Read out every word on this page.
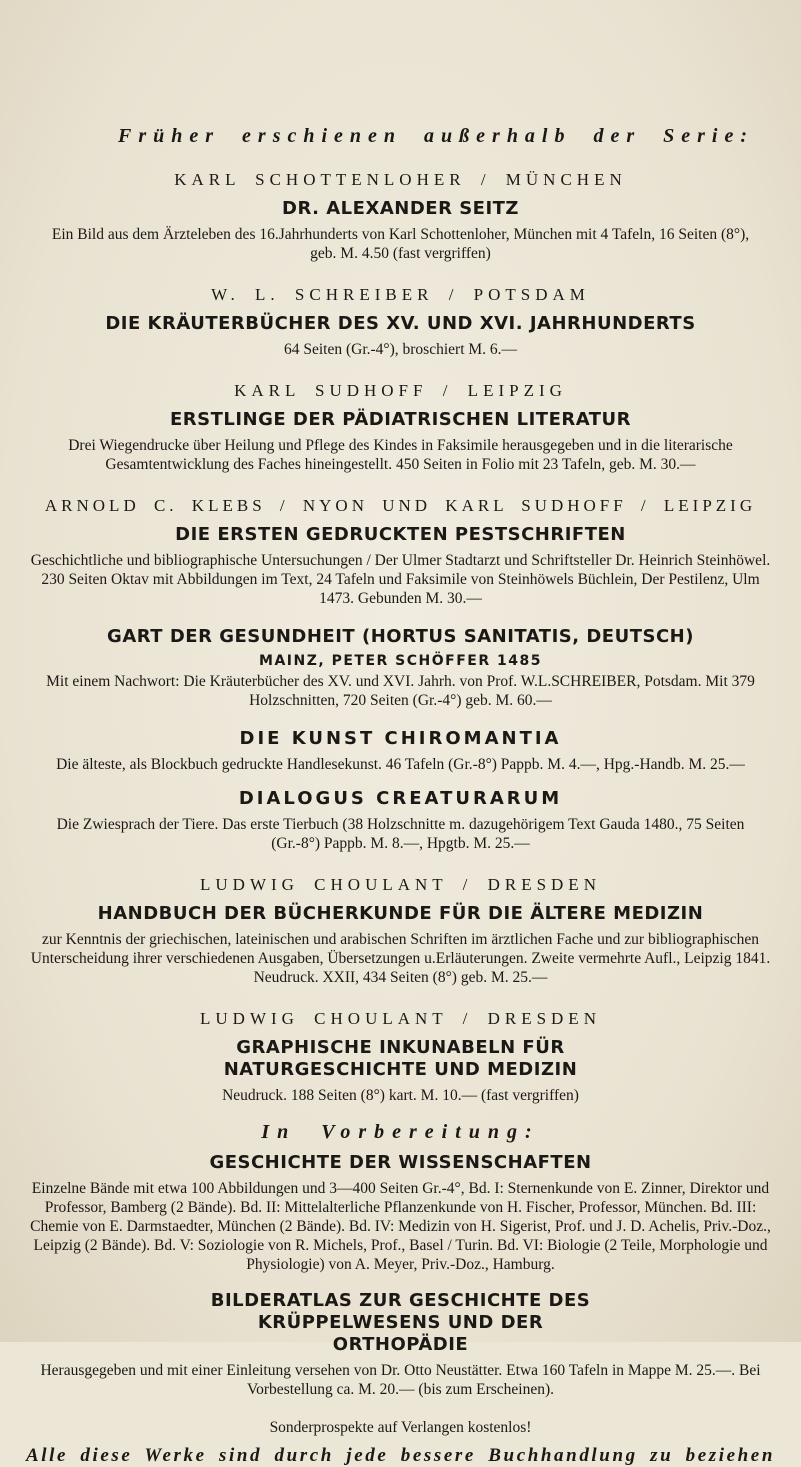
Früher erschienen außerhalb der Serie:

KARL SCHOTTENLOHER / MÜNCHEN
DR. ALEXANDER SEITZ
Ein Bild aus dem Ärzteleben des 16.Jahrhunderts von Karl Schottenloher, München mit 4 Tafeln, 16 Seiten (8°), geb. M. 4.50 (fast vergriffen)
W. L. SCHREIBER / POTSDAM
DIE KRÄUTERBÜCHER DES XV. UND XVI. JAHRHUNDERTS
64 Seiten (Gr.-4°), broschiert M. 6.—
KARL SUDHOFF / LEIPZIG
ERSTLINGE DER PÄDIATRISCHEN LITERATUR
Drei Wiegendrucke über Heilung und Pflege des Kindes in Faksimile herausgegeben und in die literarische Gesamtentwicklung des Faches hineingestellt. 450 Seiten in Folio mit 23 Tafeln, geb. M. 30.—
ARNOLD C. KLEBS / NYON UND KARL SUDHOFF / LEIPZIG
DIE ERSTEN GEDRUCKTEN PESTSCHRIFTEN
Geschichtliche und bibliographische Untersuchungen / Der Ulmer Stadtarzt und Schriftsteller Dr. Heinrich Steinhöwel. 230 Seiten Oktav mit Abbildungen im Text, 24 Tafeln und Faksimile von Steinhöwels Büchlein, Der Pestilenz, Ulm 1473. Gebunden M. 30.—
GART DER GESUNDHEIT (HORTUS SANITATIS, DEUTSCH)
MAINZ, PETER SCHÖFFER 1485
Mit einem Nachwort: Die Kräuterbücher des XV. und XVI. Jahrh. von Prof. W.L.SCHREIBER, Potsdam. Mit 379 Holzschnitten, 720 Seiten (Gr.-4°) geb. M. 60.—
DIE KUNST CHIROMANTIA
Die älteste, als Blockbuch gedruckte Handlesekunst. 46 Tafeln (Gr.-8°) Pappb. M. 4.—, Hpg.-Handb. M. 25.—
DIALOGUS CREATURARUM
Die Zwiesprach der Tiere. Das erste Tierbuch (38 Holzschnitte m. dazugehörigem Text Gauda 1480., 75 Seiten (Gr.-8°) Pappb. M. 8.—, Hpgtb. M. 25.—
LUDWIG CHOULANT / DRESDEN
HANDBUCH DER BÜCHERKUNDE FÜR DIE ÄLTERE MEDIZIN
zur Kenntnis der griechischen, lateinischen und arabischen Schriften im ärztlichen Fache und zur bibliographischen Unterscheidung ihrer verschiedenen Ausgaben, Übersetzungen u.Erläuterungen. Zweite vermehrte Aufl., Leipzig 1841. Neudruck. XXII, 434 Seiten (8°) geb. M. 25.—
LUDWIG CHOULANT / DRESDEN
GRAPHISCHE INKUNABELN FÜR NATURGESCHICHTE UND MEDIZIN
Neudruck. 188 Seiten (8°) kart. M. 10.— (fast vergriffen)
In Vorbereitung:
GESCHICHTE DER WISSENSCHAFTEN
Einzelne Bände mit etwa 100 Abbildungen und 3—400 Seiten Gr.-4°, Bd. I: Sternenkunde von E. Zinner, Direktor und Professor, Bamberg (2 Bände). Bd. II: Mittelalterliche Pflanzenkunde von H. Fischer, Professor, München. Bd. III: Chemie von E. Darmstaedter, München (2 Bände). Bd. IV: Medizin von H. Sigerist, Prof. und J. D. Achelis, Priv.-Doz., Leipzig (2 Bände). Bd. V: Soziologie von R. Michels, Prof., Basel / Turin. Bd. VI: Biologie (2 Teile, Morphologie und Physiologie) von A. Meyer, Priv.-Doz., Hamburg.
BILDERATLAS ZUR GESCHICHTE DES KRÜPPELWESENS UND DER ORTHOPÄDIE
Herausgegeben und mit einer Einleitung versehen von Dr. Otto Neustätter. Etwa 160 Tafeln in Mappe M. 25.—. Bei Vorbestellung ca. M. 20.— (bis zum Erscheinen).
Sonderprospekte auf Verlangen kostenlos!

Alle diese Werke sind durch jede bessere Buchhandlung zu beziehen
